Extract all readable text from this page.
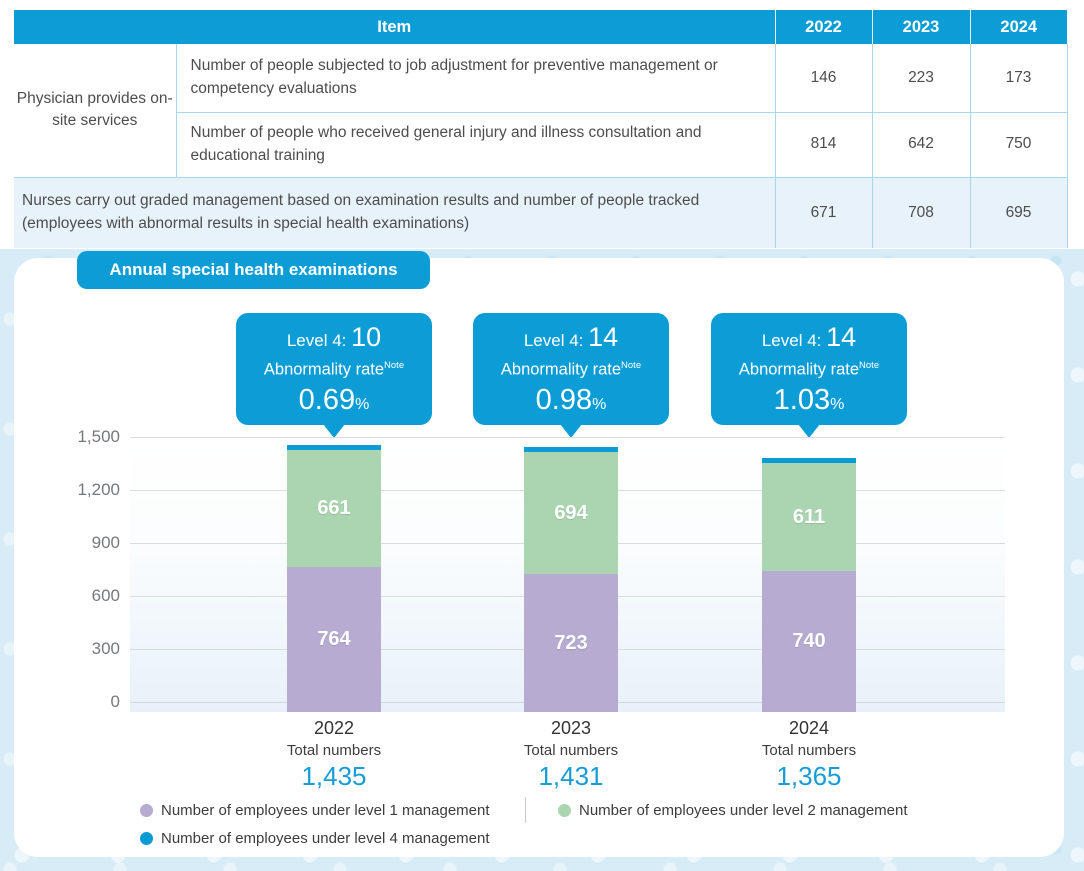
Item		2022	2023	2024
Physician provides on-site services	Number of people subjected to job adjustment for preventive management or competency evaluations	146	223	173
	Number of people who received general injury and illness consultation and educational training	814	642	750
Nurses carry out graded management based on examination results and number of people tracked (employees with abnormal results in special health examinations)		671	708	695
Annual special health examinations
Level 4: 10
Abnormality rate$^{Note}$
0.69%
Level 4: 14
Abnormality rate$^{Note}$
0.98%
Level 4: 14
Abnormality rate$^{Note}$
1.03%
1,500
1,200
900
600
300
0
764
661
723
694
740
611
2022
Total numbers
1,435
2023
Total numbers
1,431
2024
Total numbers
1,365
Number of employees under level 1 management	Number of employees under level 2 management
Number of employees under level 4 management
